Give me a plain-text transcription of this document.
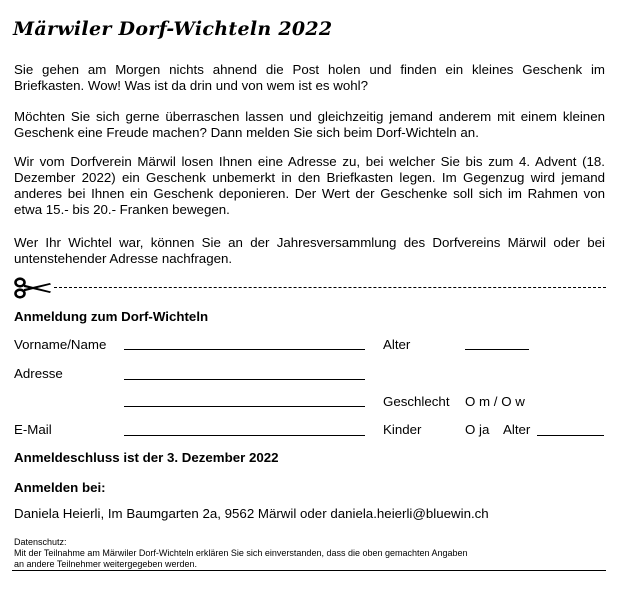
Märwiler Dorf-Wichteln 2022

Sie gehen am Morgen nichts ahnend die Post holen und finden ein kleines Geschenk im Briefkasten. Wow! Was ist da drin und von wem ist es wohl?

Möchten Sie sich gerne überraschen lassen und gleichzeitig jemand anderem mit einem kleinen Geschenk eine Freude machen? Dann melden Sie sich beim Dorf-Wichteln an.

Wir vom Dorfverein Märwil losen Ihnen eine Adresse zu, bei welcher Sie bis zum 4. Advent (18. Dezember 2022) ein Geschenk unbemerkt in den Briefkasten legen. Im Gegenzug wird jemand anderes bei Ihnen ein Geschenk deponieren. Der Wert der Geschenke soll sich im Rahmen von etwa 15.- bis 20.- Franken bewegen.

Wer Ihr Wichtel war, können Sie an der Jahresversammlung des Dorfvereins Märwil oder bei untenstehender Adresse nachfragen.

Anmeldung zum Dorf-Wichteln
Vorname/Name	Alter
Adresse
Geschlecht O m / O w
E-Mail	Kinder	O ja Alter
Anmeldeschluss ist der 3. Dezember 2022
Anmelden bei:
Daniela Heierli, Im Baumgarten 2a, 9562 Märwil oder daniela.heierli@bluewin.ch
Datenschutz:
Mit der Teilnahme am Märwiler Dorf-Wichteln erklären Sie sich einverstanden, dass die oben gemachten Angaben
an andere Teilnehmer weitergegeben werden.
